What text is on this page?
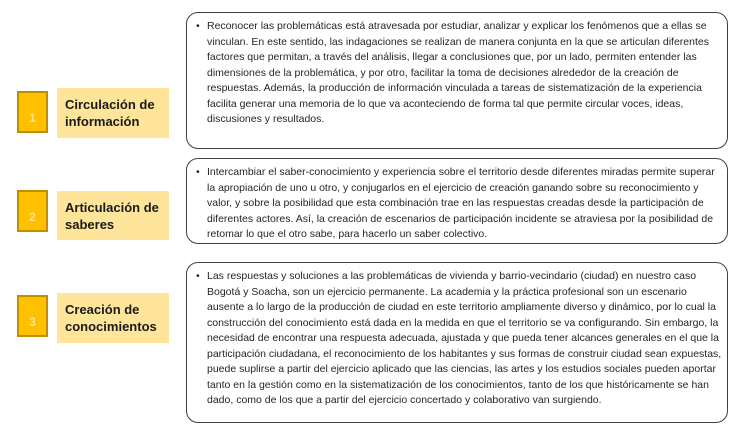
1
Circulación de información
• Reconocer las problemáticas está atravesada por estudiar, analizar y explicar los fenómenos que a ellas se vinculan. En este sentido, las indagaciones se realizan de manera conjunta en la que se articulan diferentes factores que permitan, a través del análisis, llegar a conclusiones que, por un lado, permiten entender las dimensiones de la problemática, y por otro, facilitar la toma de decisiones alrededor de la creación de respuestas. Además, la producción de información vinculada a tareas de sistematización de la experiencia facilita generar una memoria de lo que va aconteciendo de forma tal que permite circular voces, ideas, discusiones y resultados.
2
Articulación de saberes
• Intercambiar el saber-conocimiento y experiencia sobre el territorio desde diferentes miradas permite superar la apropiación de uno u otro, y conjugarlos en el ejercicio de creación ganando sobre su reconocimiento y valor, y sobre la posibilidad que esta combinación trae en las respuestas creadas desde la participación de diferentes actores. Así, la creación de escenarios de participación incidente se atraviesa por la posibilidad de retomar lo que el otro sabe, para hacerlo un saber colectivo.
3
Creación de conocimientos
• Las respuestas y soluciones a las problemáticas de vivienda y barrio-vecindario (ciudad) en nuestro caso Bogotá y Soacha, son un ejercicio permanente. La academia y la práctica profesional son un escenario ausente a lo largo de la producción de ciudad en este territorio ampliamente diverso y dinámico, por lo cual la construcción del conocimiento está dada en la medida en que el territorio se va configurando. Sin embargo, la necesidad de encontrar una respuesta adecuada, ajustada y que pueda tener alcances generales en el que la participación ciudadana, el reconocimiento de los habitantes y sus formas de construir ciudad sean expuestas, puede suplirse a partir del ejercicio aplicado que las ciencias, las artes y los estudios sociales pueden aportar tanto en la gestión como en la sistematización de los conocimientos, tanto de los que históricamente se han dado, como de los que a partir del ejercicio concertado y colaborativo van surgiendo.
